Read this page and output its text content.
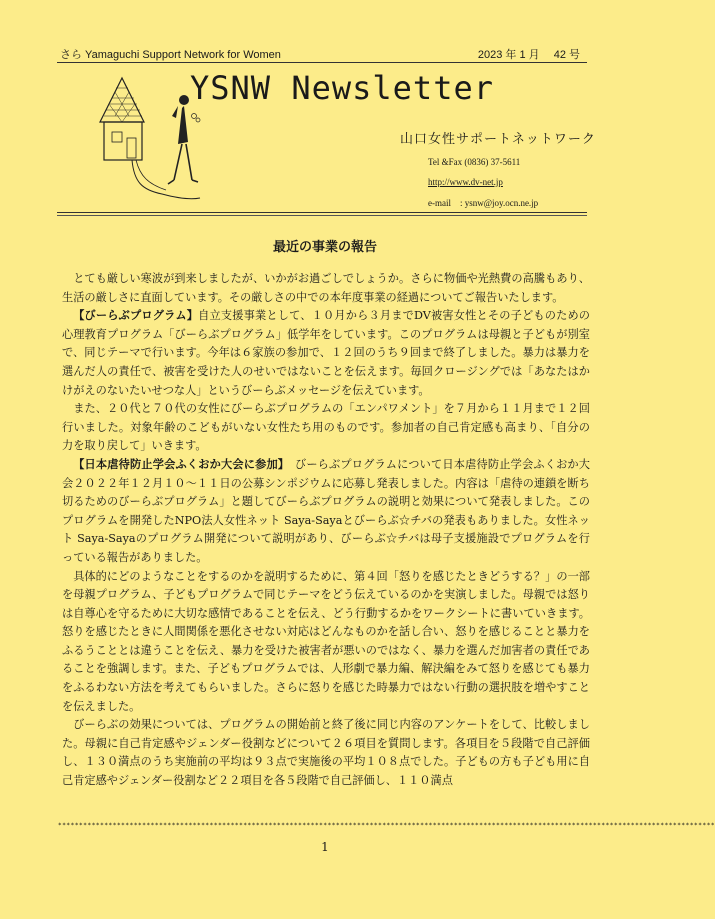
さら Yamaguchi Support Network for Women	2023 年 1 月　 42 号
YSNW Newsletter
山口女性サポートネットワーク
Tel &Fax (0836) 37-5611
http://www.dv-net.jp
e-mail　: ysnw@joy.ocn.ne.jp
最近の事業の報告

とても厳しい寒波が到来しましたが、いかがお過ごしでしょうか。さらに物価や光熱費の高騰もあり、生活の厳しさに直面しています。その厳しさの中での本年度事業の経過についてご報告いたします。

【びーらぶプログラム】自立支援事業として、１０月から３月までDV被害女性とその子どものための心理教育プログラム「びーらぶプログラム」低学年をしています。このプログラムは母親と子どもが別室で、同じテーマで行います。今年は６家族の参加で、１２回のうち９回まで終了しました。暴力は暴力を選んだ人の責任で、被害を受けた人のせいではないことを伝えます。毎回クロージングでは「あなたはかけがえのないたいせつな人」というびーらぶメッセージを伝えています。

また、２０代と７０代の女性にびーらぶプログラムの「エンパワメント」を７月から１１月まで１２回行いました。対象年齢のこどもがいない女性たち用のものです。参加者の自己肯定感も高まり、「自分の力を取り戻して」いきます。

【日本虐待防止学会ふくおか大会に参加】　びーらぶプログラムについて日本虐待防止学会ふくおか大会２０２２年１２月１０～１１日の公募シンポジウムに応募し発表しました。内容は「虐待の連鎖を断ち切るためのびーらぶプログラム」と題してびーらぶプログラムの説明と効果について発表しました。このプログラムを開発したNPO法人女性ネット Saya-Sayaとびーらぶ☆チバの発表もありました。女性ネット Saya-Sayaのプログラム開発について説明があり、びーらぶ☆チバは母子支援施設でプログラムを行っている報告がありました。

具体的にどのようなことをするのかを説明するために、第４回「怒りを感じたときどうする？」の一部を母親プログラム、子どもプログラムで同じテーマをどう伝えているのかを実演しました。母親では怒りは自尊心を守るために大切な感情であることを伝え、どう行動するかをワークシートに書いていきます。怒りを感じたときに人間関係を悪化させない対応はどんなものかを話し合い、怒りを感じることと暴力をふるうこととは違うことを伝え、暴力を受けた被害者が悪いのではなく、暴力を選んだ加害者の責任であることを強調します。また、子どもプログラムでは、人形劇で暴力編、解決編をみて怒りを感じても暴力をふるわない方法を考えてもらいました。さらに怒りを感じた時暴力ではない行動の選択肢を増やすことを伝えました。

びーらぶの効果については、プログラムの開始前と終了後に同じ内容のアンケートをして、比較しました。母親に自己肯定感やジェンダー役割などについて２６項目を質問します。各項目を５段階で自己評価し、１３０満点のうち実施前の平均は９３点で実施後の平均１０８点でした。子どもの方も子ども用に自己肯定感やジェンダー役割など２２項目を各５段階で自己評価し、１１０満点

************************************************************************************************************************************************************
1
